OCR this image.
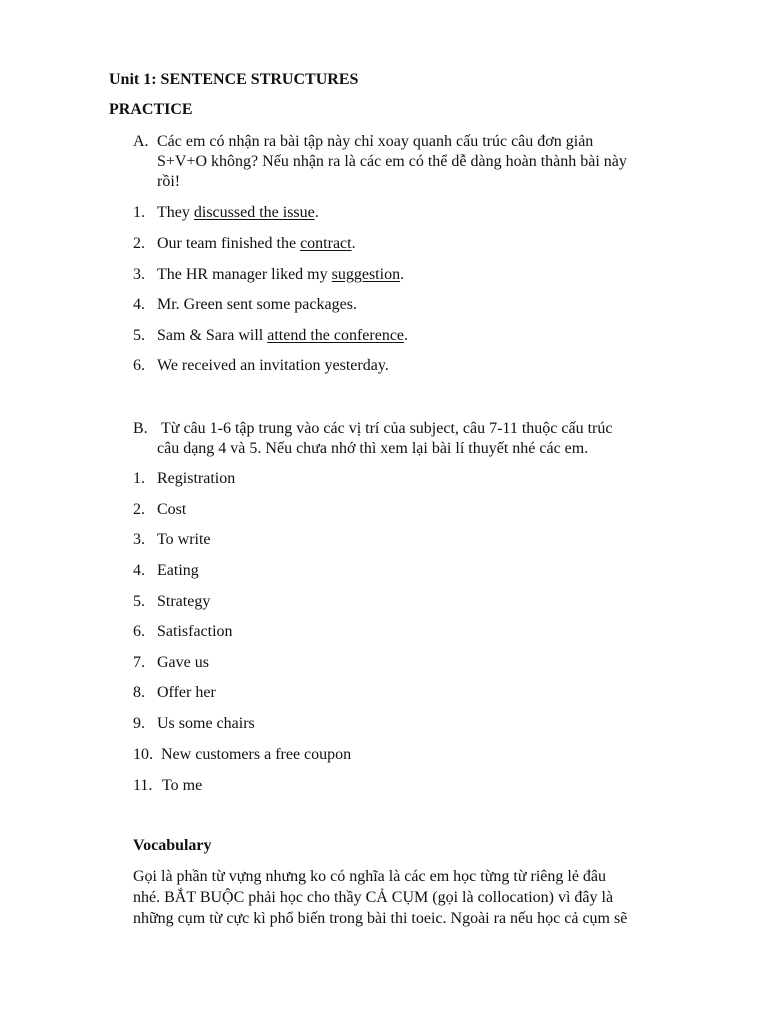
Unit 1: SENTENCE STRUCTURES
PRACTICE
A. Các em có nhận ra bài tập này chỉ xoay quanh cấu trúc câu đơn giản
S+V+O không? Nếu nhận ra là các em có thể dễ dàng hoàn thành bài này
rồi!
1. They discussed the issue.
2. Our team finished the contract.
3. The HR manager liked my suggestion.
4. Mr. Green sent some packages.
5. Sam & Sara will attend the conference.
6. We received an invitation yesterday.
B. Từ câu 1-6 tập trung vào các vị trí của subject, câu 7-11 thuộc cấu trúc
câu dạng 4 và 5. Nếu chưa nhớ thì xem lại bài lí thuyết nhé các em.
1. Registration
2. Cost
3. To write
4. Eating
5. Strategy
6. Satisfaction
7. Gave us
8. Offer her
9. Us some chairs
10. New customers a free coupon
11. To me
Vocabulary
Gọi là phần từ vựng nhưng ko có nghĩa là các em học từng từ riêng lẻ đâu
nhé. BẮT BUỘC phải học cho thầy CẢ CỤM (gọi là collocation) vì đây là
những cụm từ cực kì phổ biến trong bài thi toeic. Ngoài ra nếu học cả cụm sẽ
